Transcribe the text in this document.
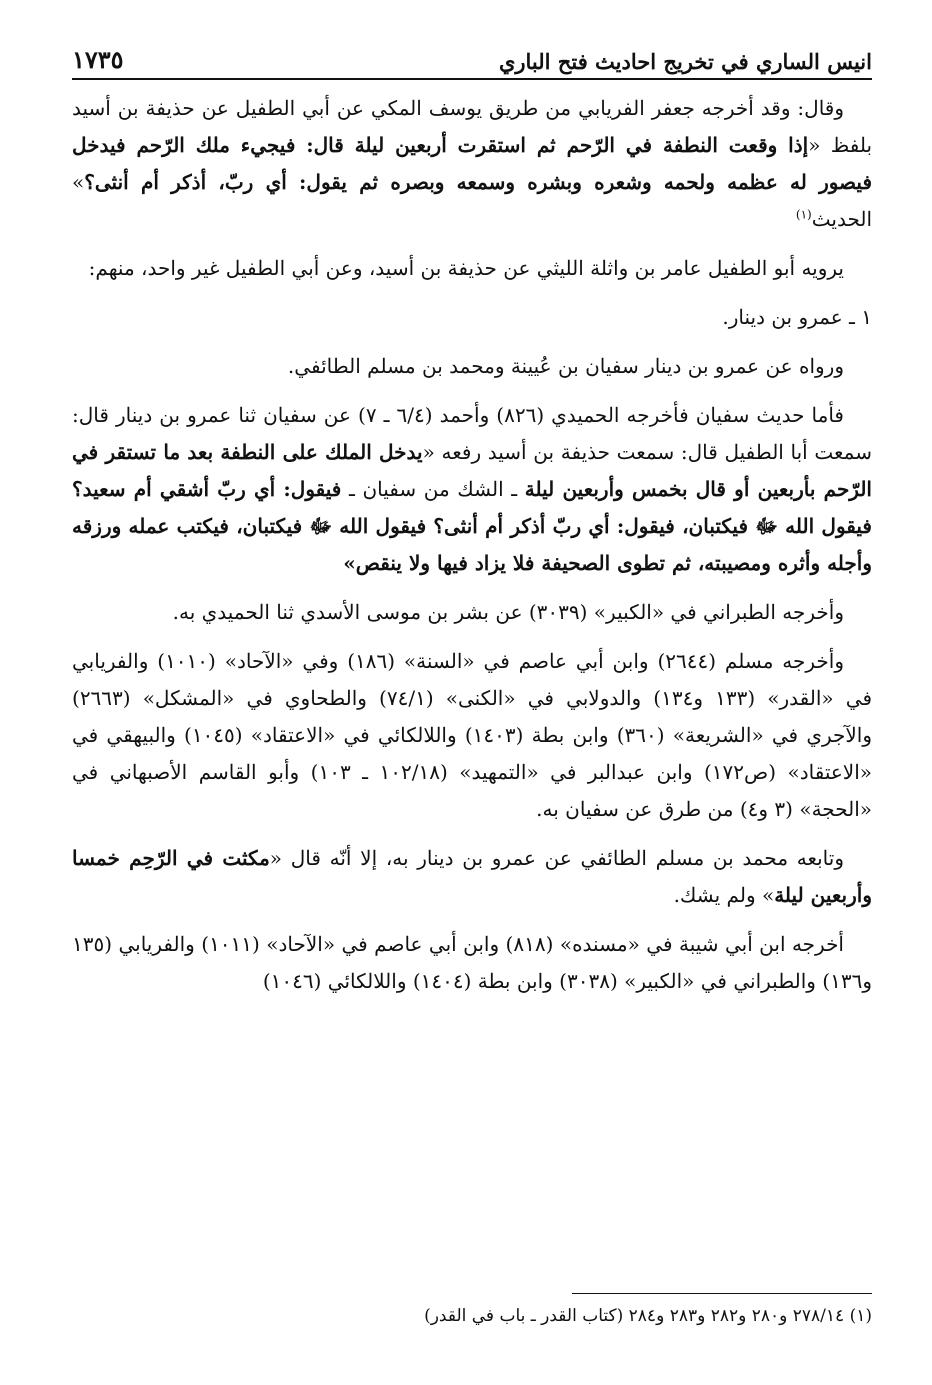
انيس الساري في تخريج احاديث فتح الباري
١٧٣٥

وقال: وقد أخرجه جعفر الفريابي من طريق يوسف المكي عن أبي الطفيل عن حذيفة بن أسيد بلفظ «إذا وقعت النطفة في الرّحم ثم استقرت أربعين ليلة قال: فيجيء ملك الرّحم فيدخل فيصور له عظمه ولحمه وشعره وبشره وسمعه وبصره ثم يقول: أي ربّ، أذكر أم أنثى؟» الحديث$^{(١)}$

يرويه أبو الطفيل عامر بن واثلة الليثي عن حذيفة بن أسيد، وعن أبي الطفيل غير واحد، منهم:

١ ـ عمرو بن دينار.

ورواه عن عمرو بن دينار سفيان بن عُيينة ومحمد بن مسلم الطائفي.

فأما حديث سفيان فأخرجه الحميدي (٨٢٦) وأحمد (٦/٤ ـ ٧) عن سفيان ثنا عمرو بن دينار قال: سمعت أبا الطفيل قال: سمعت حذيفة بن أسيد رفعه «يدخل الملك على النطفة بعد ما تستقر في الرّحم بأربعين أو قال بخمس وأربعين ليلة ـ الشك من سفيان ـ فيقول: أي ربّ أشقي أم سعيد؟ فيقول الله ﷻ فيكتبان، فيقول: أي ربّ أذكر أم أنثى؟ فيقول الله ﷻ فيكتبان، فيكتب عمله ورزقه وأجله وأثره ومصيبته، ثم تطوى الصحيفة فلا يزاد فيها ولا ينقص»

وأخرجه الطبراني في «الكبير» (٣٠٣٩) عن بشر بن موسى الأسدي ثنا الحميدي به.

وأخرجه مسلم (٢٦٤٤) وابن أبي عاصم في «السنة» (١٨٦) وفي «الآحاد» (١٠١٠) والفريابي في «القدر» (١٣٣ و١٣٤) والدولابي في «الكنى» (٧٤/١) والطحاوي في «المشكل» (٢٦٦٣) والآجري في «الشريعة» (٣٦٠) وابن بطة (١٤٠٣) واللالكائي في «الاعتقاد» (١٠٤٥) والبيهقي في «الاعتقاد» (ص١٧٢) وابن عبدالبر في «التمهيد» (١٠٢/١٨ ـ ١٠٣) وأبو القاسم الأصبهاني في «الحجة» (٣ و٤) من طرق عن سفيان به.

وتابعه محمد بن مسلم الطائفي عن عمرو بن دينار به، إلا أنّه قال «مكثت في الرّحِم خمسا وأربعين ليلة» ولم يشك.

أخرجه ابن أبي شيبة في «مسنده» (٨١٨) وابن أبي عاصم في «الآحاد» (١٠١١) والفريابي (١٣٥ و١٣٦) والطبراني في «الكبير» (٣٠٣٨) وابن بطة (١٤٠٤) واللالكائي (١٠٤٦)

(١) ٢٧٨/١٤ و٢٨٠ و٢٨٢ و٢٨٣ و٢٨٤ (كتاب القدر ـ باب في القدر)
